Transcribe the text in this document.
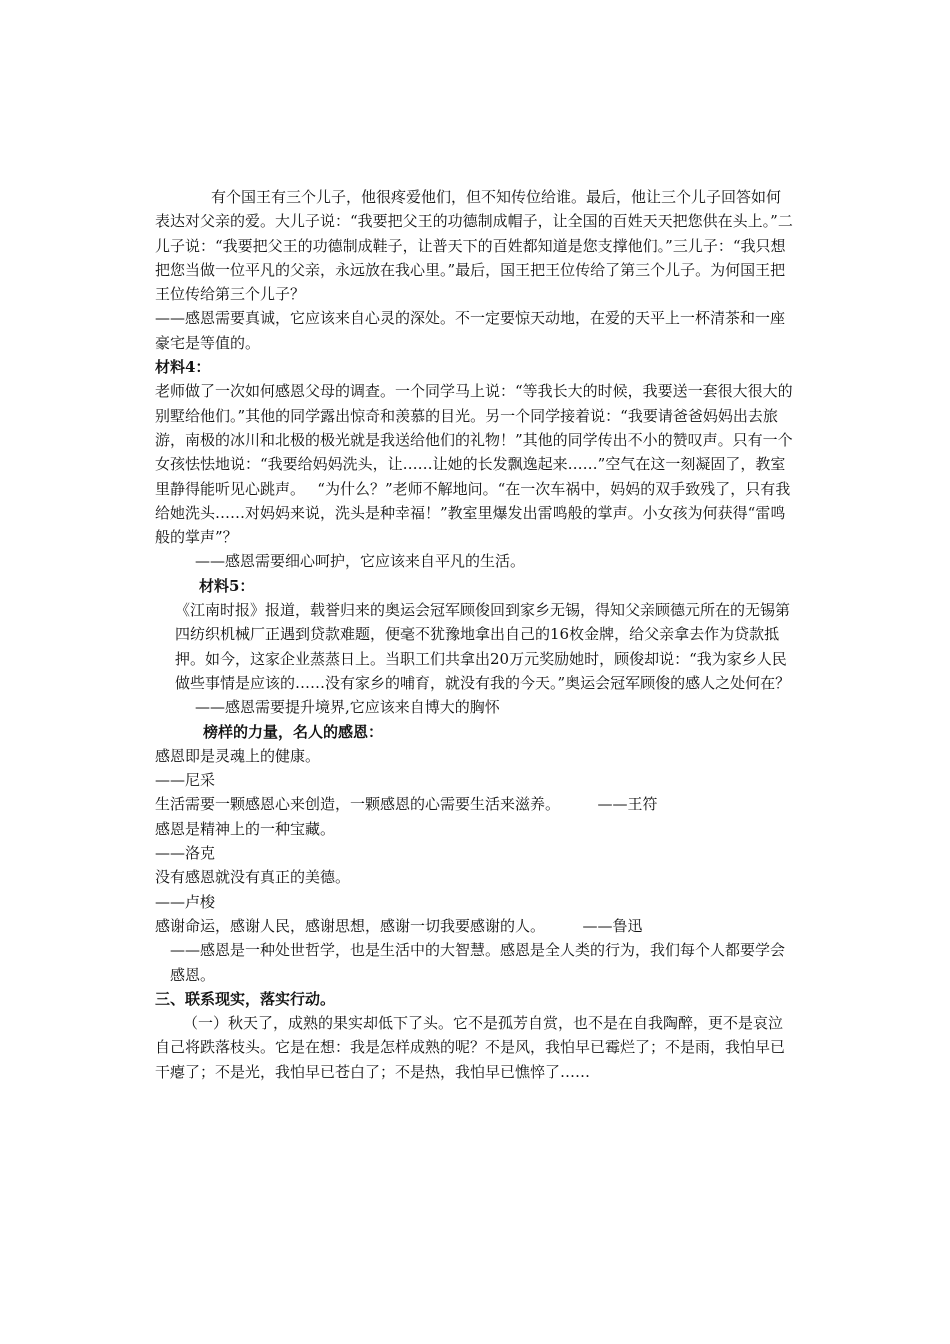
有个国王有三个儿子，他很疼爱他们，但不知传位给谁。最后，他让三个儿子回答如何表达对父亲的爱。大儿子说：“我要把父王的功德制成帽子，让全国的百姓天天把您供在头上。”二儿子说：“我要把父王的功德制成鞋子，让普天下的百姓都知道是您支撑他们。”三儿子：“我只想把您当做一位平凡的父亲，永远放在我心里。”最后，国王把王位传给了第三个儿子。为何国王把王位传给第三个儿子？

——感恩需要真诚，它应该来自心灵的深处。不一定要惊天动地，在爱的天平上一杯清茶和一座豪宅是等值的。

材料4：

老师做了一次如何感恩父母的调查。一个同学马上说：“等我长大的时候，我要送一套很大很大的别墅给他们。”其他的同学露出惊奇和羡慕的目光。另一个同学接着说：“我要请爸爸妈妈出去旅游，南极的冰川和北极的极光就是我送给他们的礼物！”其他的同学传出不小的赞叹声。只有一个女孩怯怯地说：“我要给妈妈洗头，让……让她的长发飘逸起来……”空气在这一刻凝固了，教室里静得能听见心跳声。　 “为什么？”老师不解地问。“在一次车祸中，妈妈的双手致残了，只有我给她洗头……对妈妈来说，洗头是种幸福！”教室里爆发出雷鸣般的掌声。小女孩为何获得“雷鸣般的掌声”？

——感恩需要细心呵护，它应该来自平凡的生活。

材料5：

《江南时报》报道，载誉归来的奥运会冠军顾俊回到家乡无锡，得知父亲顾德元所在的无锡第四纺织机械厂正遇到贷款难题，便毫不犹豫地拿出自己的16枚金牌，给父亲拿去作为贷款抵押。如今，这家企业蒸蒸日上。当职工们共拿出20万元奖励她时，顾俊却说：“我为家乡人民做些事情是应该的……没有家乡的哺育，就没有我的今天。”奥运会冠军顾俊的感人之处何在？

——感恩需要提升境界,它应该来自博大的胸怀

榜样的力量，名人的感恩：

感恩即是灵魂上的健康。

——尼采

生活需要一颗感恩心来创造，一颗感恩的心需要生活来滋养。　　　——王符

感恩是精神上的一种宝藏。

——洛克

没有感恩就没有真正的美德。

——卢梭

感谢命运，感谢人民，感谢思想，感谢一切我要感谢的人。　　　——鲁迅

——感恩是一种处世哲学，也是生活中的大智慧。感恩是全人类的行为，我们每个人都要学会感恩。

三、联系现实，落实行动。

（一）秋天了，成熟的果实却低下了头。它不是孤芳自赏，也不是在自我陶醉，更不是哀泣自己将跌落枝头。它是在想：我是怎样成熟的呢？不是风，我怕早已霉烂了；不是雨，我怕早已干瘪了；不是光，我怕早已苍白了；不是热，我怕早已憔悴了……
